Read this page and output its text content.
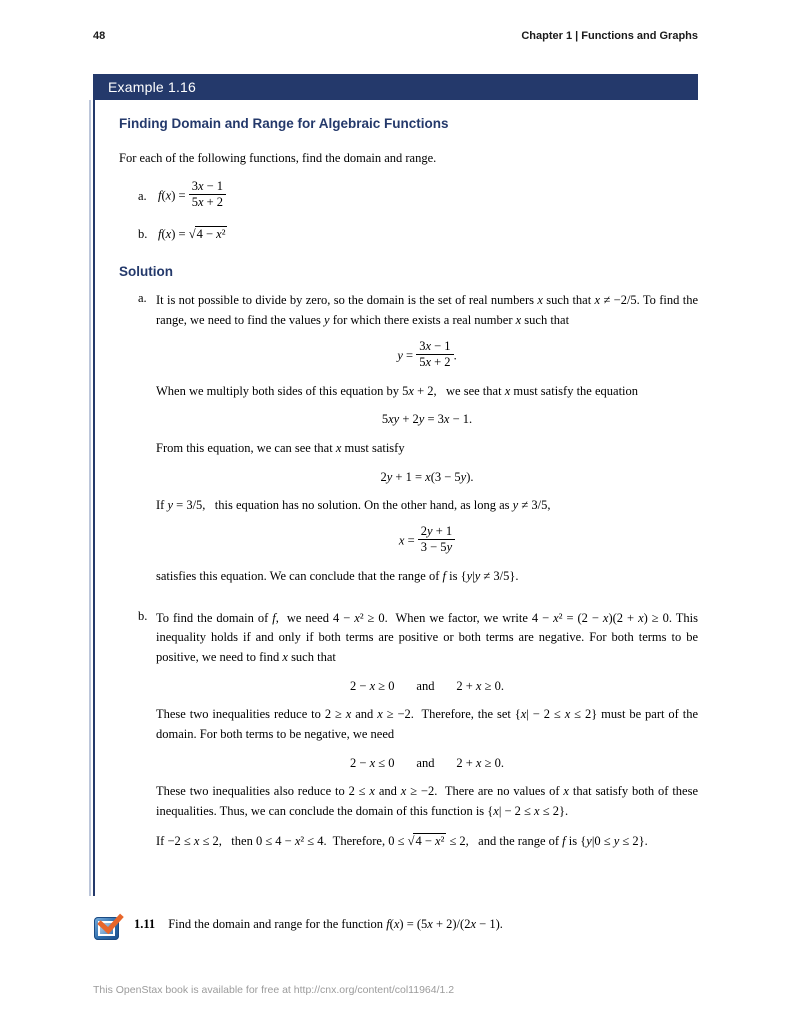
48	Chapter 1 | Functions and Graphs
Example 1.16
Finding Domain and Range for Algebraic Functions

For each of the following functions, find the domain and range.

a. $f(x) = \frac{3x - 1}{5x + 2}$
b. f(x) = √4 − x²
Solution
a. It is not possible to divide by zero, so the domain is the set of real numbers x such that x ≠ −2/5. To find the range, we need to find the values y for which there exists a real number x such that

$y = \frac{3x - 1}{5x + 2}$ .

When we multiply both sides of this equation by 5x + 2,   we see that x must satisfy the equation

5xy + 2y = 3x − 1.

From this equation, we can see that x must satisfy

2y + 1 = x(3 − 5y).

If y = 3/5,   this equation has no solution. On the other hand, as long as y ≠ 3/5,

$x = \frac{2y + 1}{3 - 5y}$

satisfies this equation. We can conclude that the range of f is {y|y ≠ 3/5}.

b. To find the domain of f,  we need 4 − x² ≥ 0.  When we factor, we write 4 − x² = (2 − x)(2 + x) ≥ 0. This inequality holds if and only if both terms are positive or both terms are negative. For both terms to be positive, we need to find x such that

2 − x ≥ 0       and       2 + x ≥ 0.

These two inequalities reduce to 2 ≥ x and x ≥ −2.  Therefore, the set {x| − 2 ≤ x ≤ 2} must be part of the domain. For both terms to be negative, we need

2 − x ≤ 0       and       2 + x ≥ 0.

These two inequalities also reduce to 2 ≤ x and x ≥ −2.  There are no values of x that satisfy both of these inequalities. Thus, we can conclude the domain of this function is {x| − 2 ≤ x ≤ 2}.

If −2 ≤ x ≤ 2,   then 0 ≤ 4 − x² ≤ 4.  Therefore, 0 ≤ √4 − x² ≤ 2,   and the range of f is {y|0 ≤ y ≤ 2}.

1.11 Find the domain and range for the function f(x) = (5x + 2)/(2x − 1).
This OpenStax book is available for free at http://cnx.org/content/col11964/1.2
